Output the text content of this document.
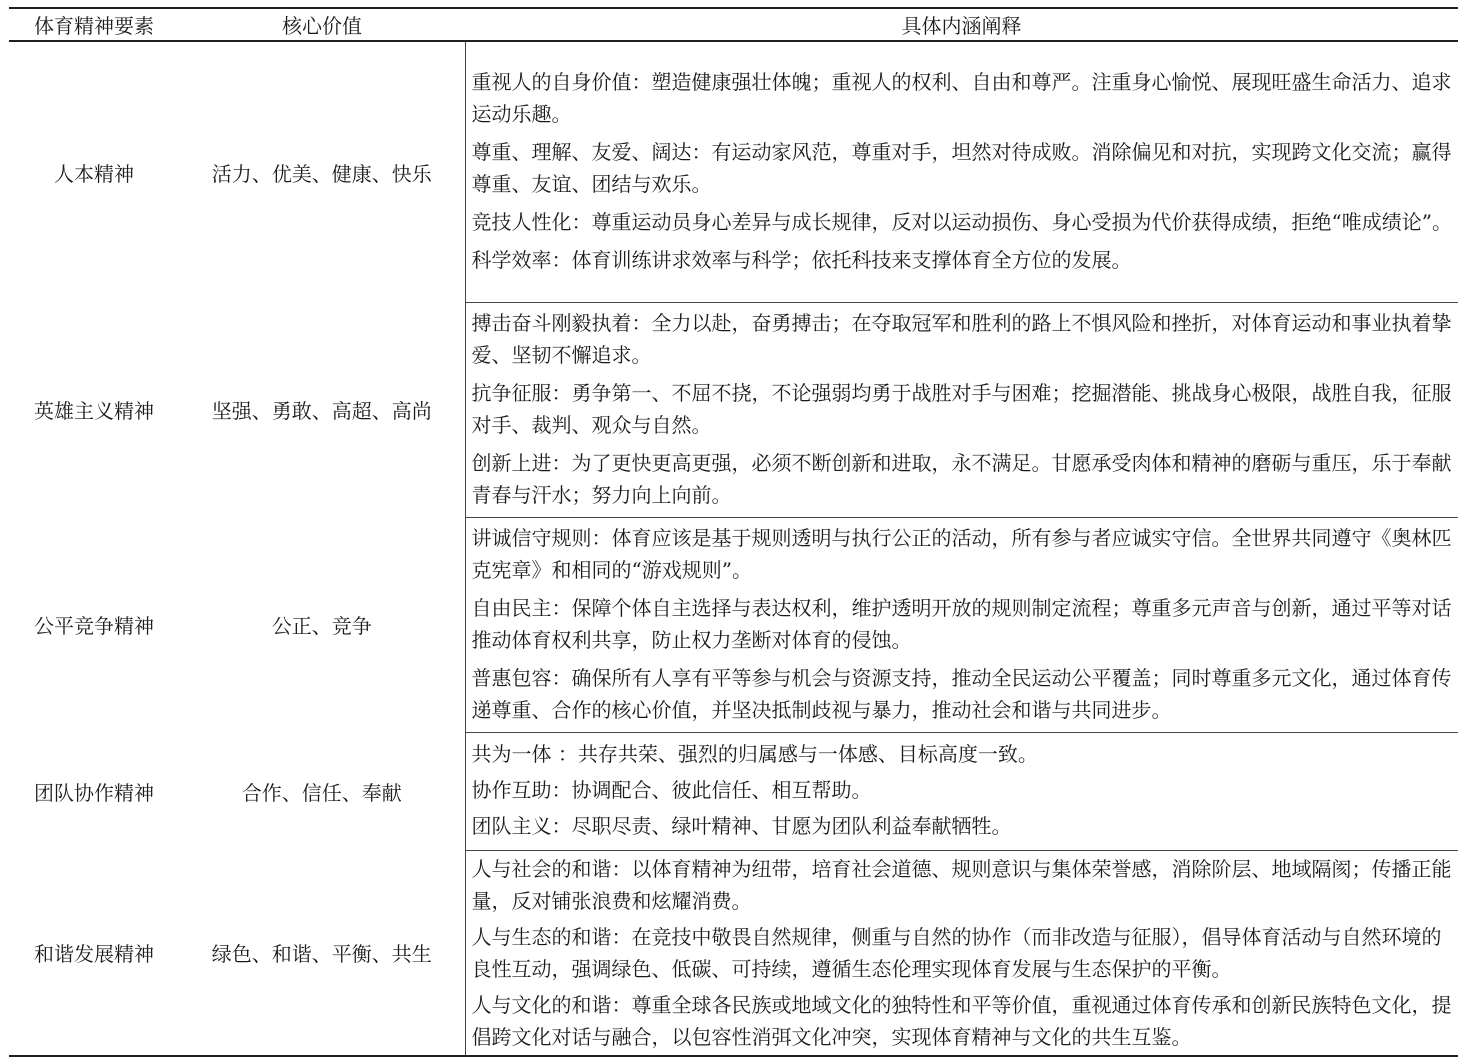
体育精神要素	核心价值	具体内涵阐释
人本精神	活力、优美、健康、快乐	重视人的自身价值：塑造健康强壮体魄；重视人的权利、自由和尊严。注重身心愉悦、展现旺盛生命活力、追求运动乐趣。
尊重、理解、友爱、阔达：有运动家风范，尊重对手，坦然对待成败。消除偏见和对抗，实现跨文化交流；赢得尊重、友谊、团结与欢乐。
竞技人性化：尊重运动员身心差异与成长规律，反对以运动损伤、身心受损为代价获得成绩，拒绝“唯成绩论”。
科学效率：体育训练讲求效率与科学；依托科技来支撑体育全方位的发展。

英雄主义精神	坚强、勇敢、高超、高尚	搏击奋斗刚毅执着：全力以赴，奋勇搏击；在夺取冠军和胜利的路上不惧风险和挫折，对体育运动和事业执着挚爱、坚韧不懈追求。
抗争征服：勇争第一、不屈不挠，不论强弱均勇于战胜对手与困难；挖掘潜能、挑战身心极限，战胜自我，征服对手、裁判、观众与自然。
创新上进：为了更快更高更强，必须不断创新和进取，永不满足。甘愿承受肉体和精神的磨砺与重压，乐于奉献青春与汗水；努力向上向前。

公平竞争精神	公正、竞争	讲诚信守规则：体育应该是基于规则透明与执行公正的活动，所有参与者应诚实守信。全世界共同遵守《奥林匹克宪章》和相同的“游戏规则”。
自由民主：保障个体自主选择与表达权利，维护透明开放的规则制定流程；尊重多元声音与创新，通过平等对话推动体育权利共享，防止权力垄断对体育的侵蚀。
普惠包容：确保所有人享有平等参与机会与资源支持，推动全民运动公平覆盖；同时尊重多元文化，通过体育传递尊重、合作的核心价值，并坚决抵制歧视与暴力，推动社会和谐与共同进步。

团队协作精神	合作、信任、奉献	共为一体 ：共存共荣、强烈的归属感与一体感、目标高度一致。
协作互助：协调配合、彼此信任、相互帮助。
团队主义：尽职尽责、绿叶精神、甘愿为团队利益奉献牺牲。

和谐发展精神	绿色、和谐、平衡、共生	人与社会的和谐：以体育精神为纽带，培育社会道德、规则意识与集体荣誉感，消除阶层、地域隔阂；传播正能量，反对铺张浪费和炫耀消费。
人与生态的和谐：在竞技中敬畏自然规律，侧重与自然的协作（而非改造与征服），倡导体育活动与自然环境的良性互动，强调绿色、低碳、可持续，遵循生态伦理实现体育发展与生态保护的平衡。
人与文化的和谐：尊重全球各民族或地域文化的独特性和平等价值，重视通过体育传承和创新民族特色文化，提倡跨文化对话与融合，以包容性消弭文化冲突，实现体育精神与文化的共生互鉴。
